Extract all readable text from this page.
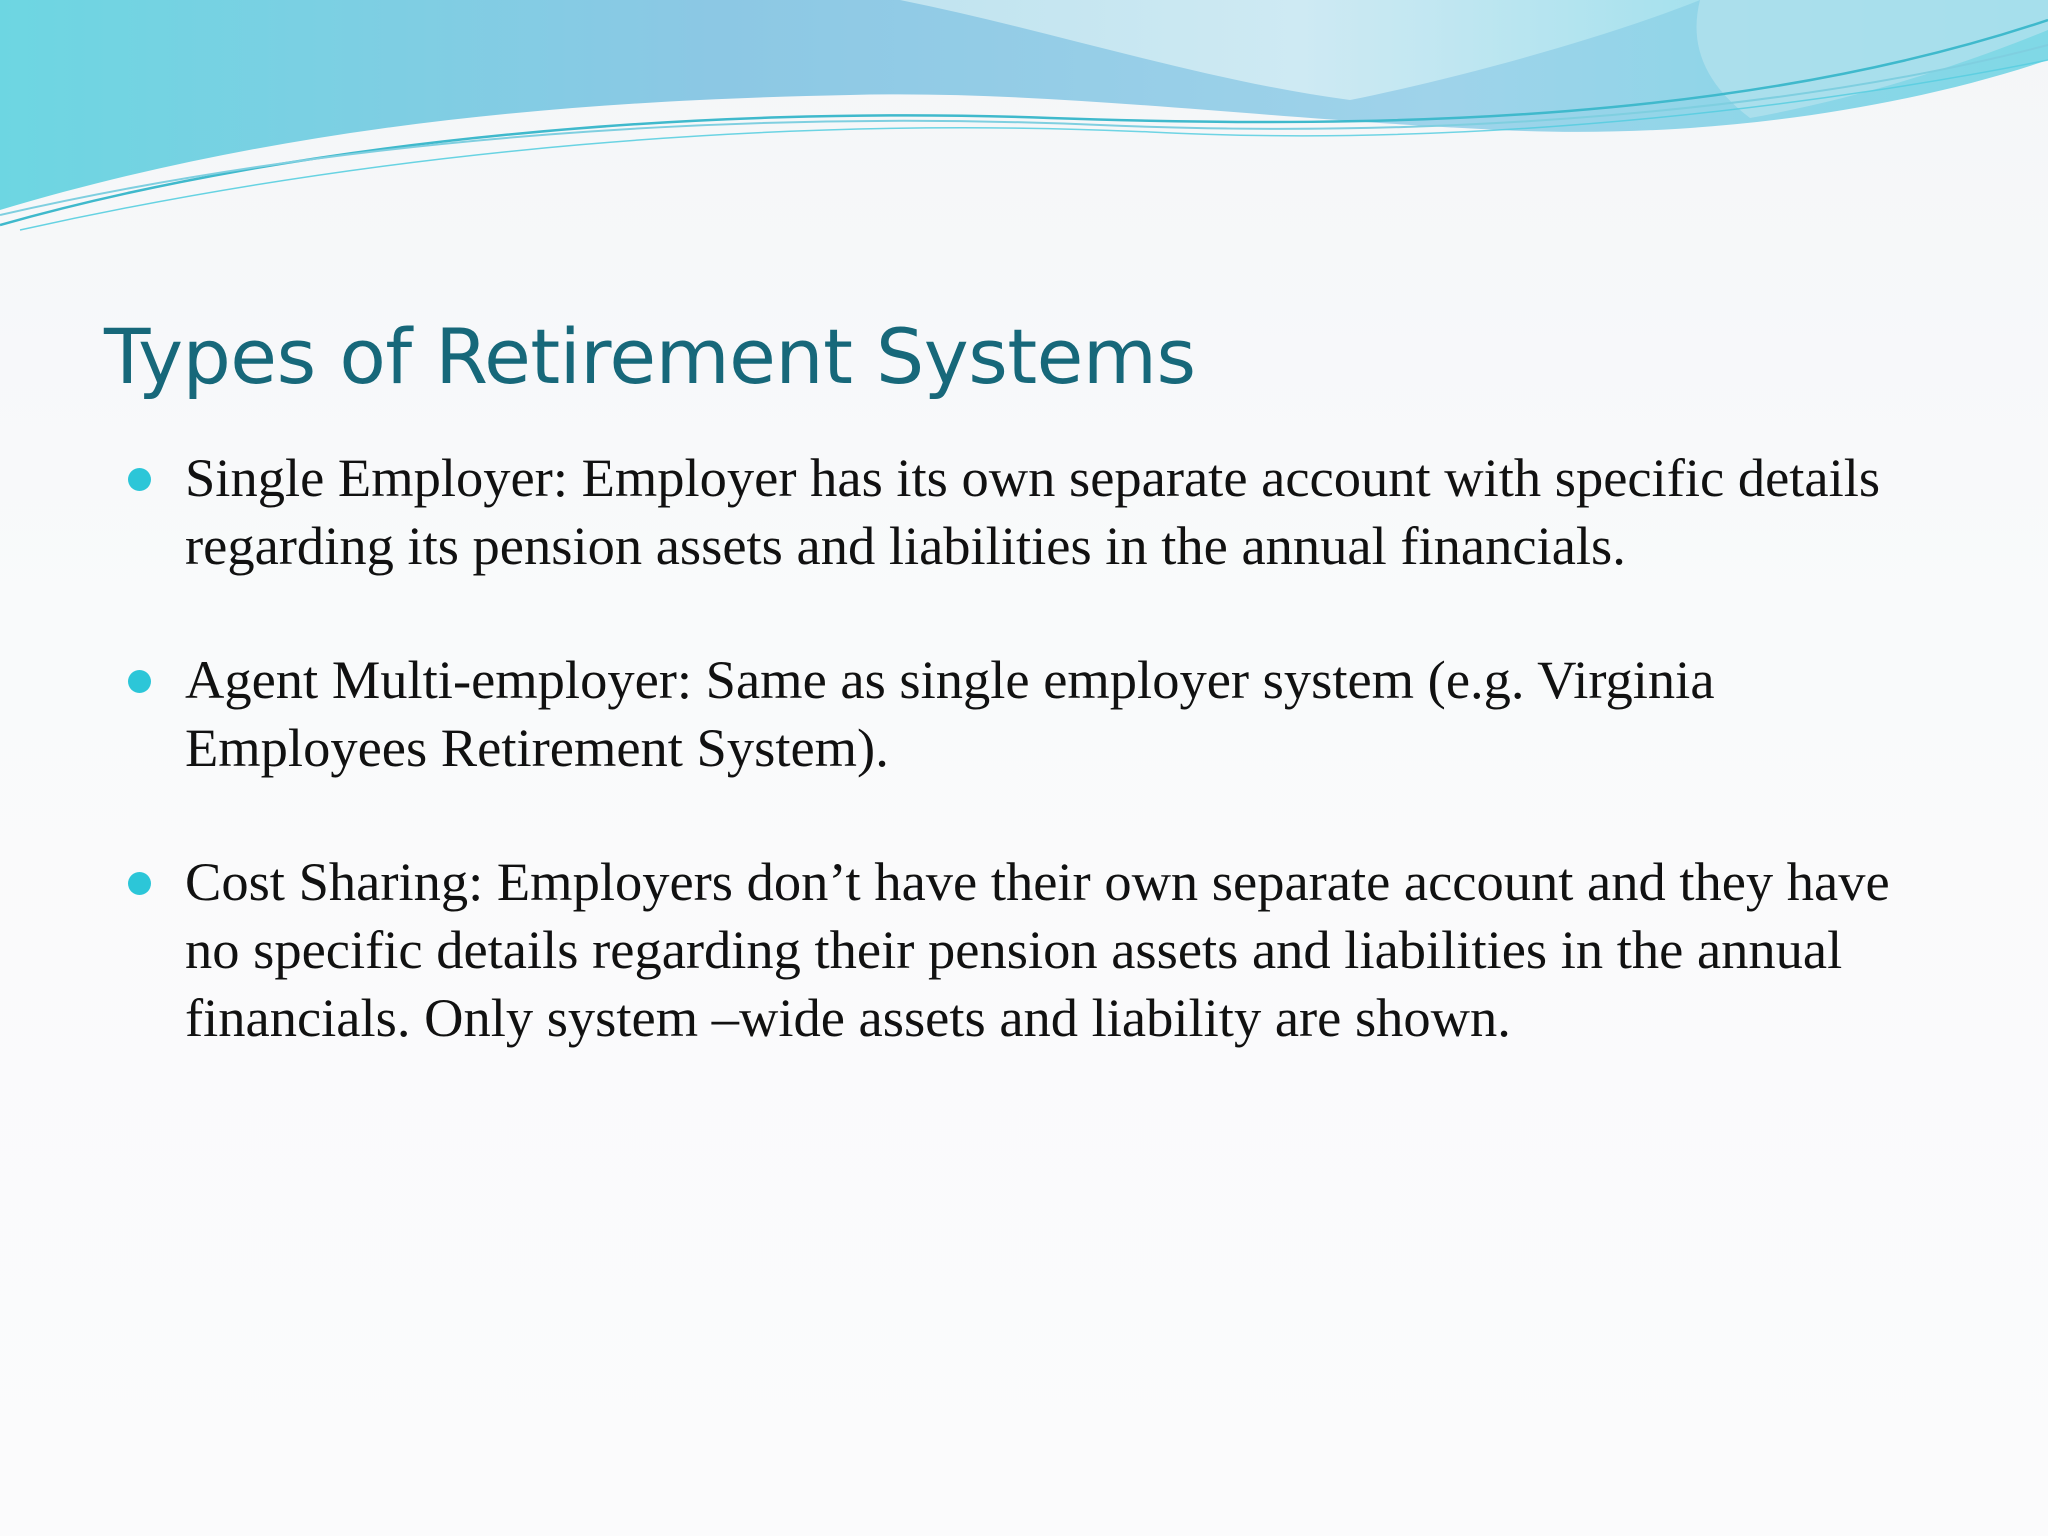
Types of Retirement Systems
Single Employer: Employer has its own separate account with specific details regarding its pension assets and liabilities in the annual financials.
Agent Multi-employer: Same as single employer system (e.g. Virginia Employees Retirement System).
Cost Sharing: Employers don’t have their own separate account and they have no specific details regarding their pension assets and liabilities in the annual financials. Only system –wide assets and liability are shown.
